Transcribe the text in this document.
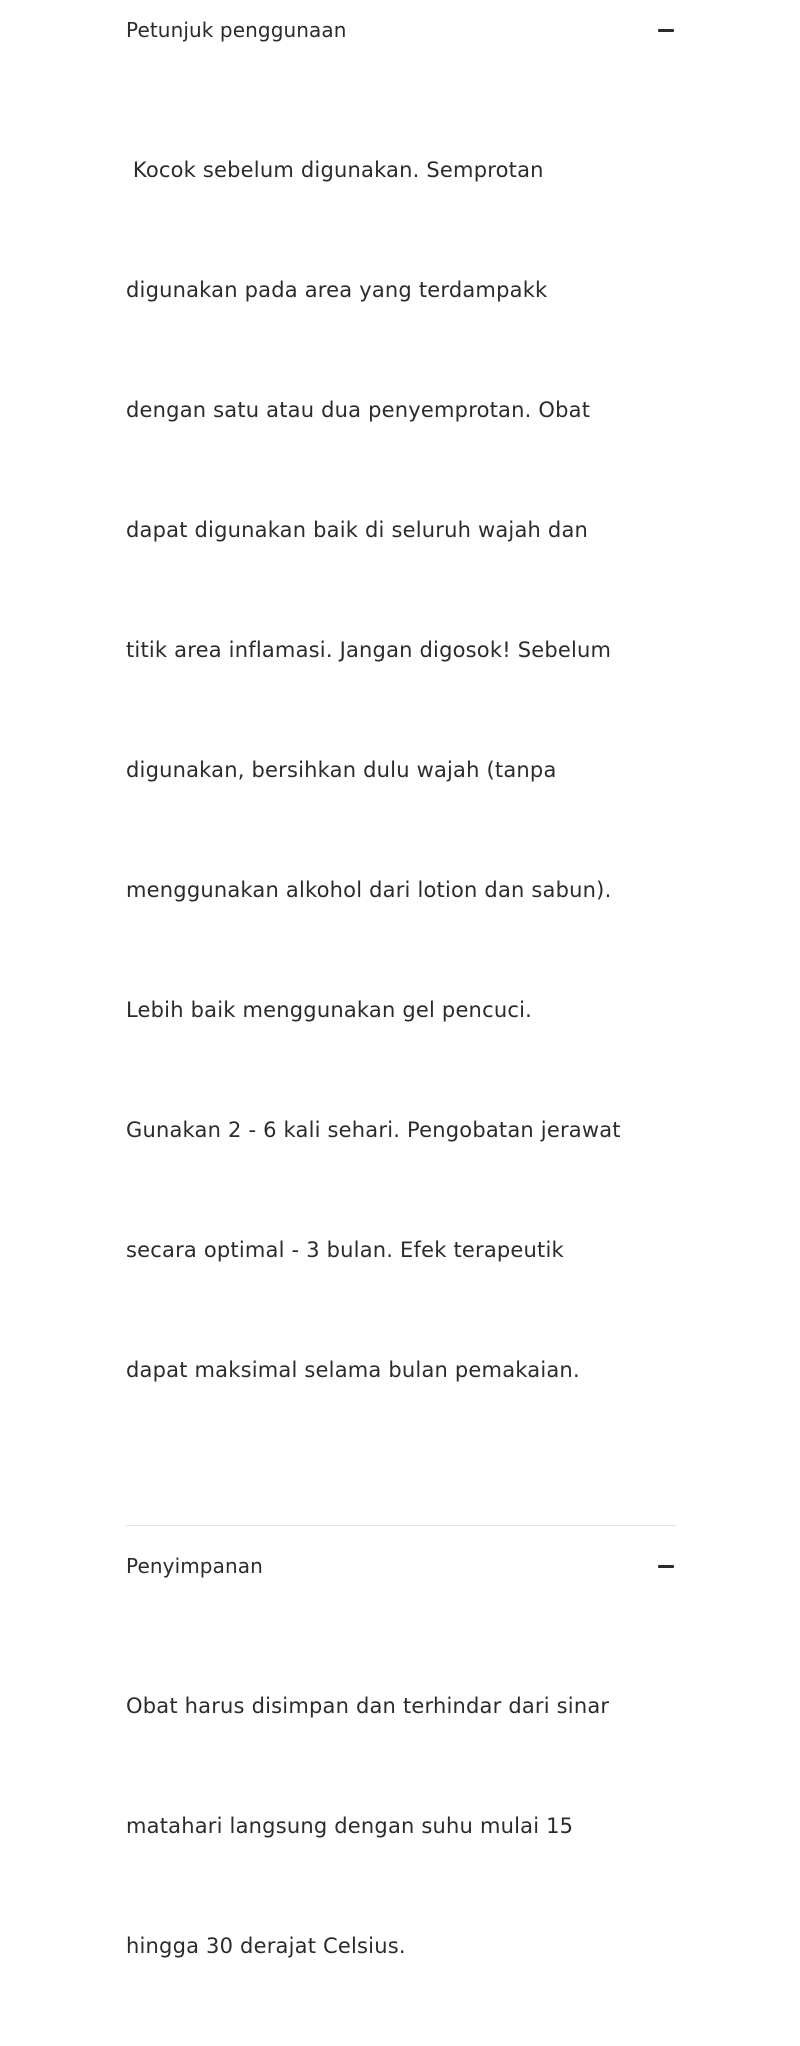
Petunjuk penggunaan

Kocok sebelum digunakan. Semprotan

digunakan pada area yang terdampakk

dengan satu atau dua penyemprotan. Obat

dapat digunakan baik di seluruh wajah dan

titik area inflamasi. Jangan digosok! Sebelum

digunakan, bersihkan dulu wajah (tanpa

menggunakan alkohol dari lotion dan sabun).

Lebih baik menggunakan gel pencuci.

Gunakan 2 - 6 kali sehari. Pengobatan jerawat

secara optimal - 3 bulan. Efek terapeutik

dapat maksimal selama bulan pemakaian.

Penyimpanan

Obat harus disimpan dan terhindar dari sinar

matahari langsung dengan suhu mulai 15

hingga 30 derajat Celsius.
